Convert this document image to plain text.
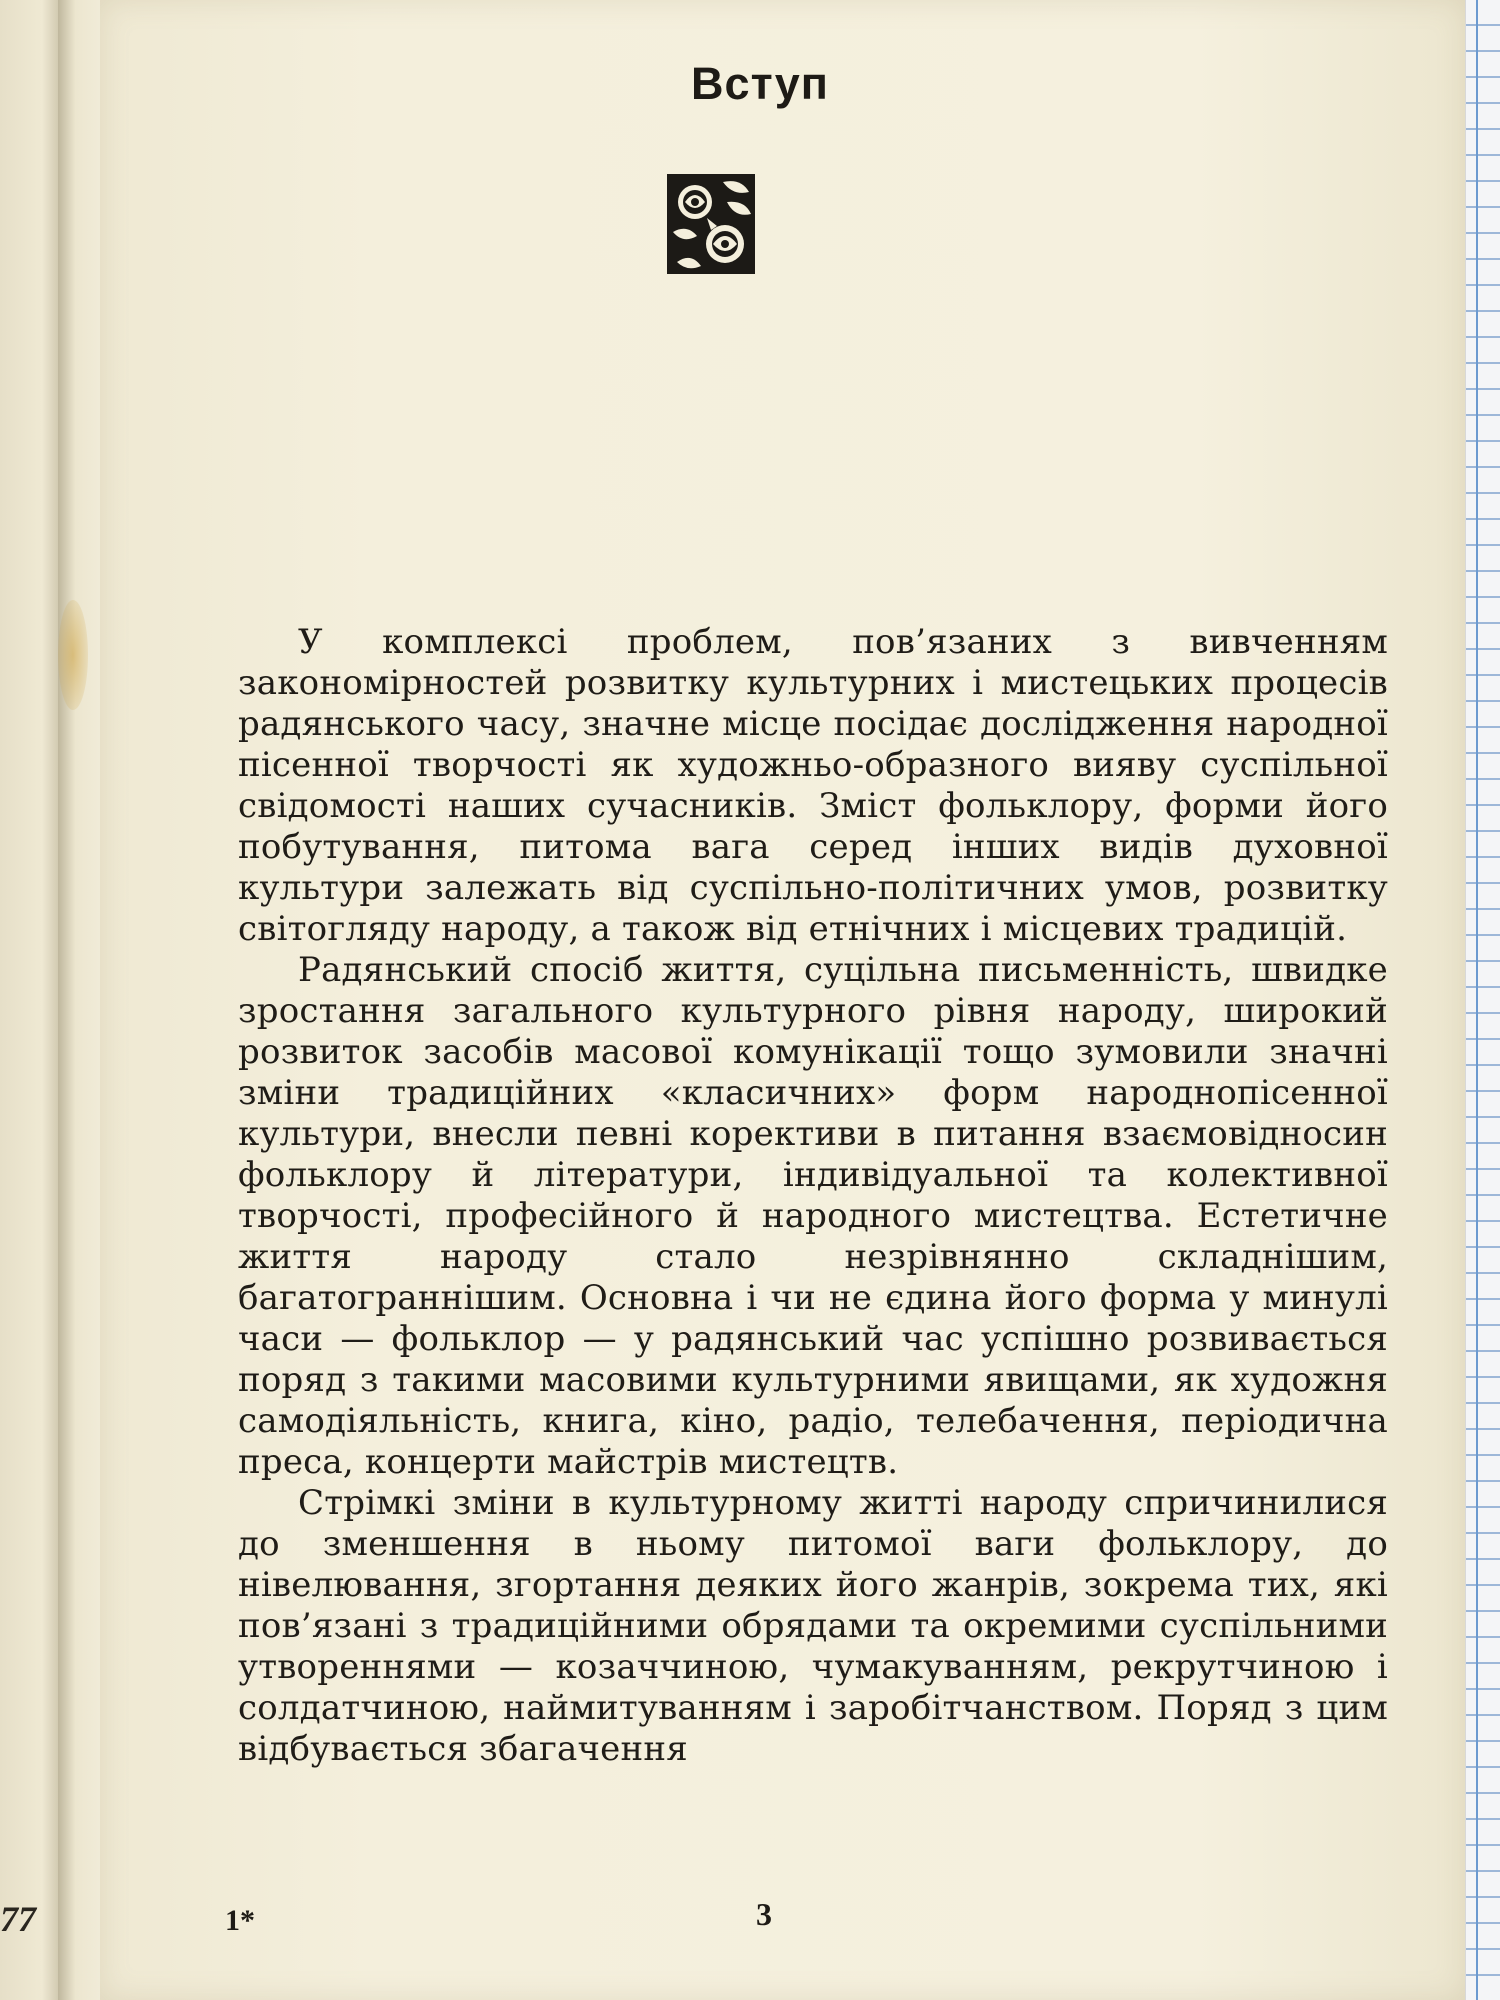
77
Вступ

У комплексі проблем, пов’язаних з вивченням закономірностей розвитку культурних і мистецьких процесів радянського часу, значне місце посідає дослідження народної пісенної творчості як художньо-образного вияву суспільної свідомості наших сучасників. Зміст фольклору, форми його побутування, питома вага серед інших видів духовної культури залежать від суспільно-політичних умов, розвитку світогляду народу, а також від етнічних і місцевих традицій.

Радянський спосіб життя, суцільна письменність, швидке зростання загального культурного рівня народу, широкий розвиток засобів масової комунікації тощо зумовили значні зміни традиційних «класичних» форм народнопісенної культури, внесли певні корективи в питання взаємовідносин фольклору й літератури, індивідуальної та колективної творчості, професійного й народного мистецтва. Естетичне життя народу стало незрівнянно складнішим, багатограннішим. Основна і чи не єдина його форма у минулі часи — фольклор — у радянський час успішно розвивається поряд з такими масовими культурними явищами, як художня самодіяльність, книга, кіно, радіо, телебачення, періодична преса, концерти майстрів мистецтв.

Стрімкі зміни в культурному житті народу спричинилися до зменшення в ньому питомої ваги фольклору, до нівелювання, згортання деяких його жанрів, зокрема тих, які пов’язані з традиційними обрядами та окремими суспільними утвореннями — козаччиною, чумакуванням, рекрутчиною і солдатчиною, наймитуванням і заробітчанством. Поряд з цим відбувається збагачення

1*	3
